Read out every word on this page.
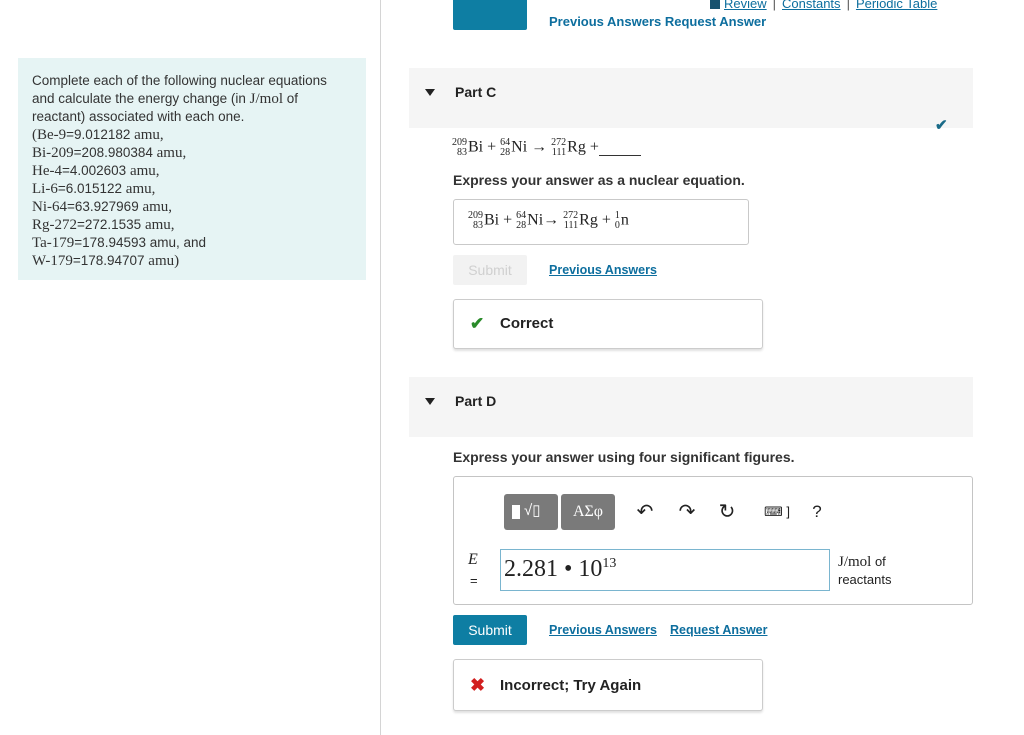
Previous Answers Request Answer
Review | Constants | Periodic Table
Complete each of the following nuclear equations and calculate the energy change (in J/mol of reactant) associated with each one.
(Be-9=9.012182 amu,
Bi-209=208.980384 amu,
He-4=4.002603 amu,
Li-6=6.015122 amu,
Ni-64=63.927969 amu,
Rg-272=272.1535 amu,
Ta-179=178.94593 amu, and
W-179=178.94707 amu)
Part C
✔
209
83 Bi + 64
28 Ni → 272
111 Rg +
Express your answer as a nuclear equation.
209
83 Bi + 64
28 Ni→ 272
111 Rg + 1
0 n
Submit	Previous Answers
✔ Correct
Part D
Express your answer using four significant figures.
√▯	ΑΣφ	↶ ↷ ↻	⌨ ]	?
E
= 2.281 • $10^{13}$	J/mol of
reactants
Submit	Previous Answers Request Answer
✖ Incorrect; Try Again
